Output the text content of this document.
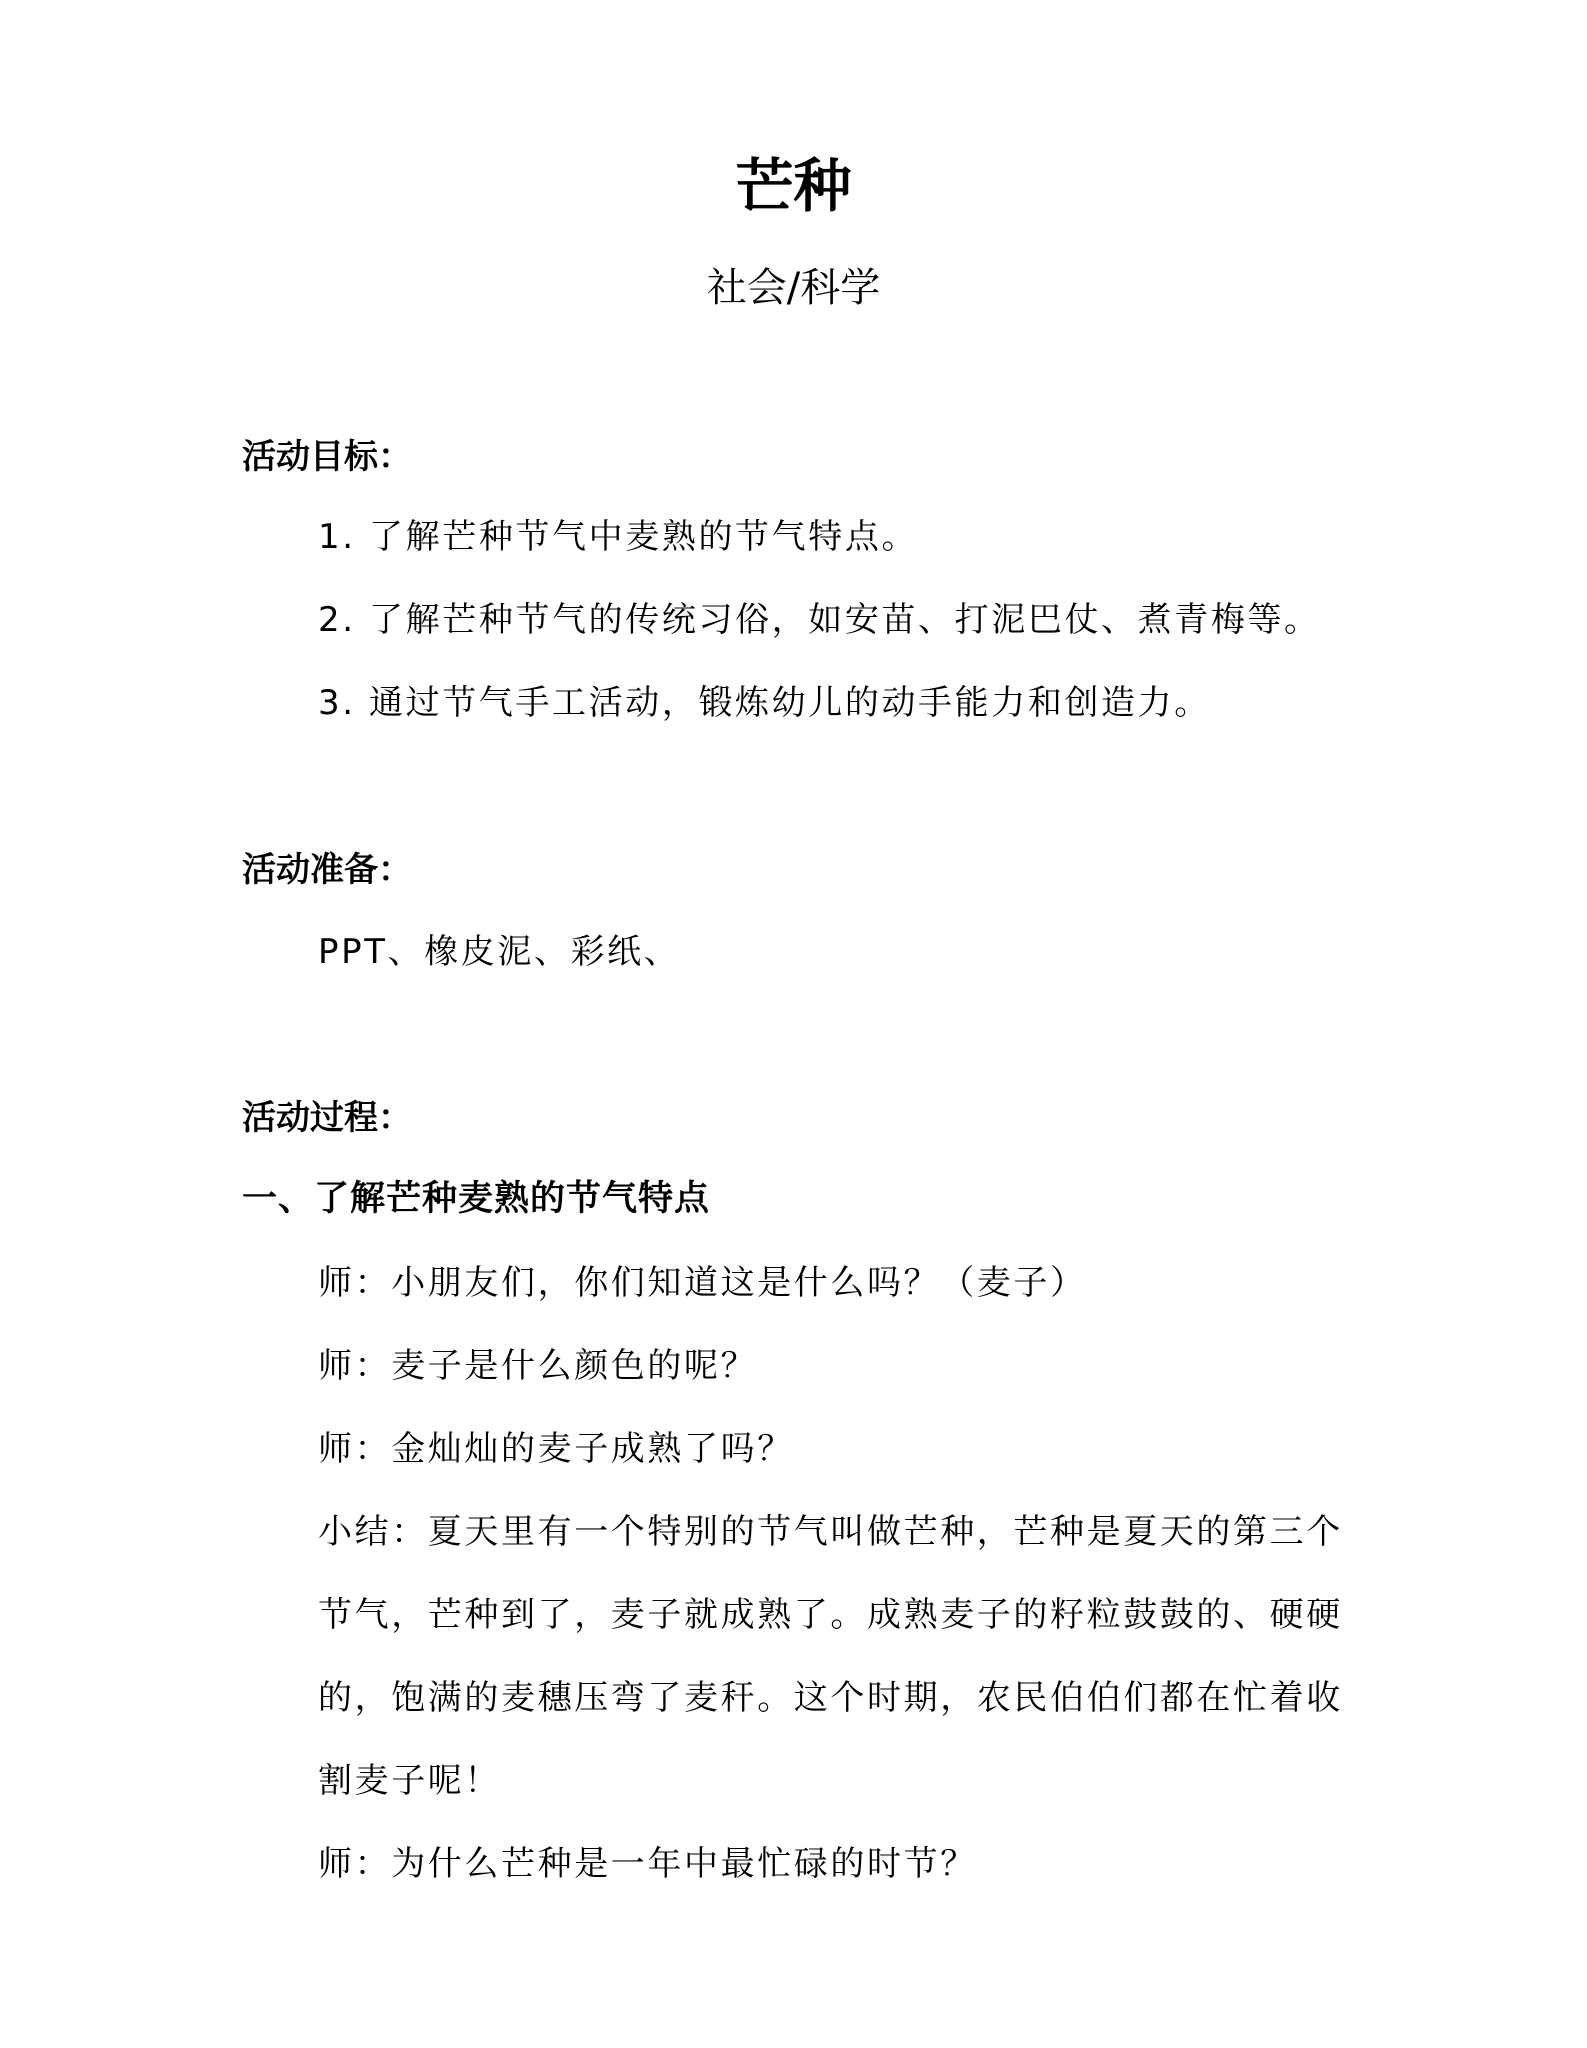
芒种
社会/科学
活动目标：
1. 了解芒种节气中麦熟的节气特点。
2. 了解芒种节气的传统习俗，如安苗、打泥巴仗、煮青梅等。
3. 通过节气手工活动，锻炼幼儿的动手能力和创造力。
活动准备：
PPT、橡皮泥、彩纸、
活动过程：
一、了解芒种麦熟的节气特点
师：小朋友们，你们知道这是什么吗？（麦子）
师：麦子是什么颜色的呢？
师：金灿灿的麦子成熟了吗？
小结：夏天里有一个特别的节气叫做芒种，芒种是夏天的第三个
节气，芒种到了，麦子就成熟了。成熟麦子的籽粒鼓鼓的、硬硬
的，饱满的麦穗压弯了麦秆。这个时期，农民伯伯们都在忙着收
割麦子呢！
师：为什么芒种是一年中最忙碌的时节？
